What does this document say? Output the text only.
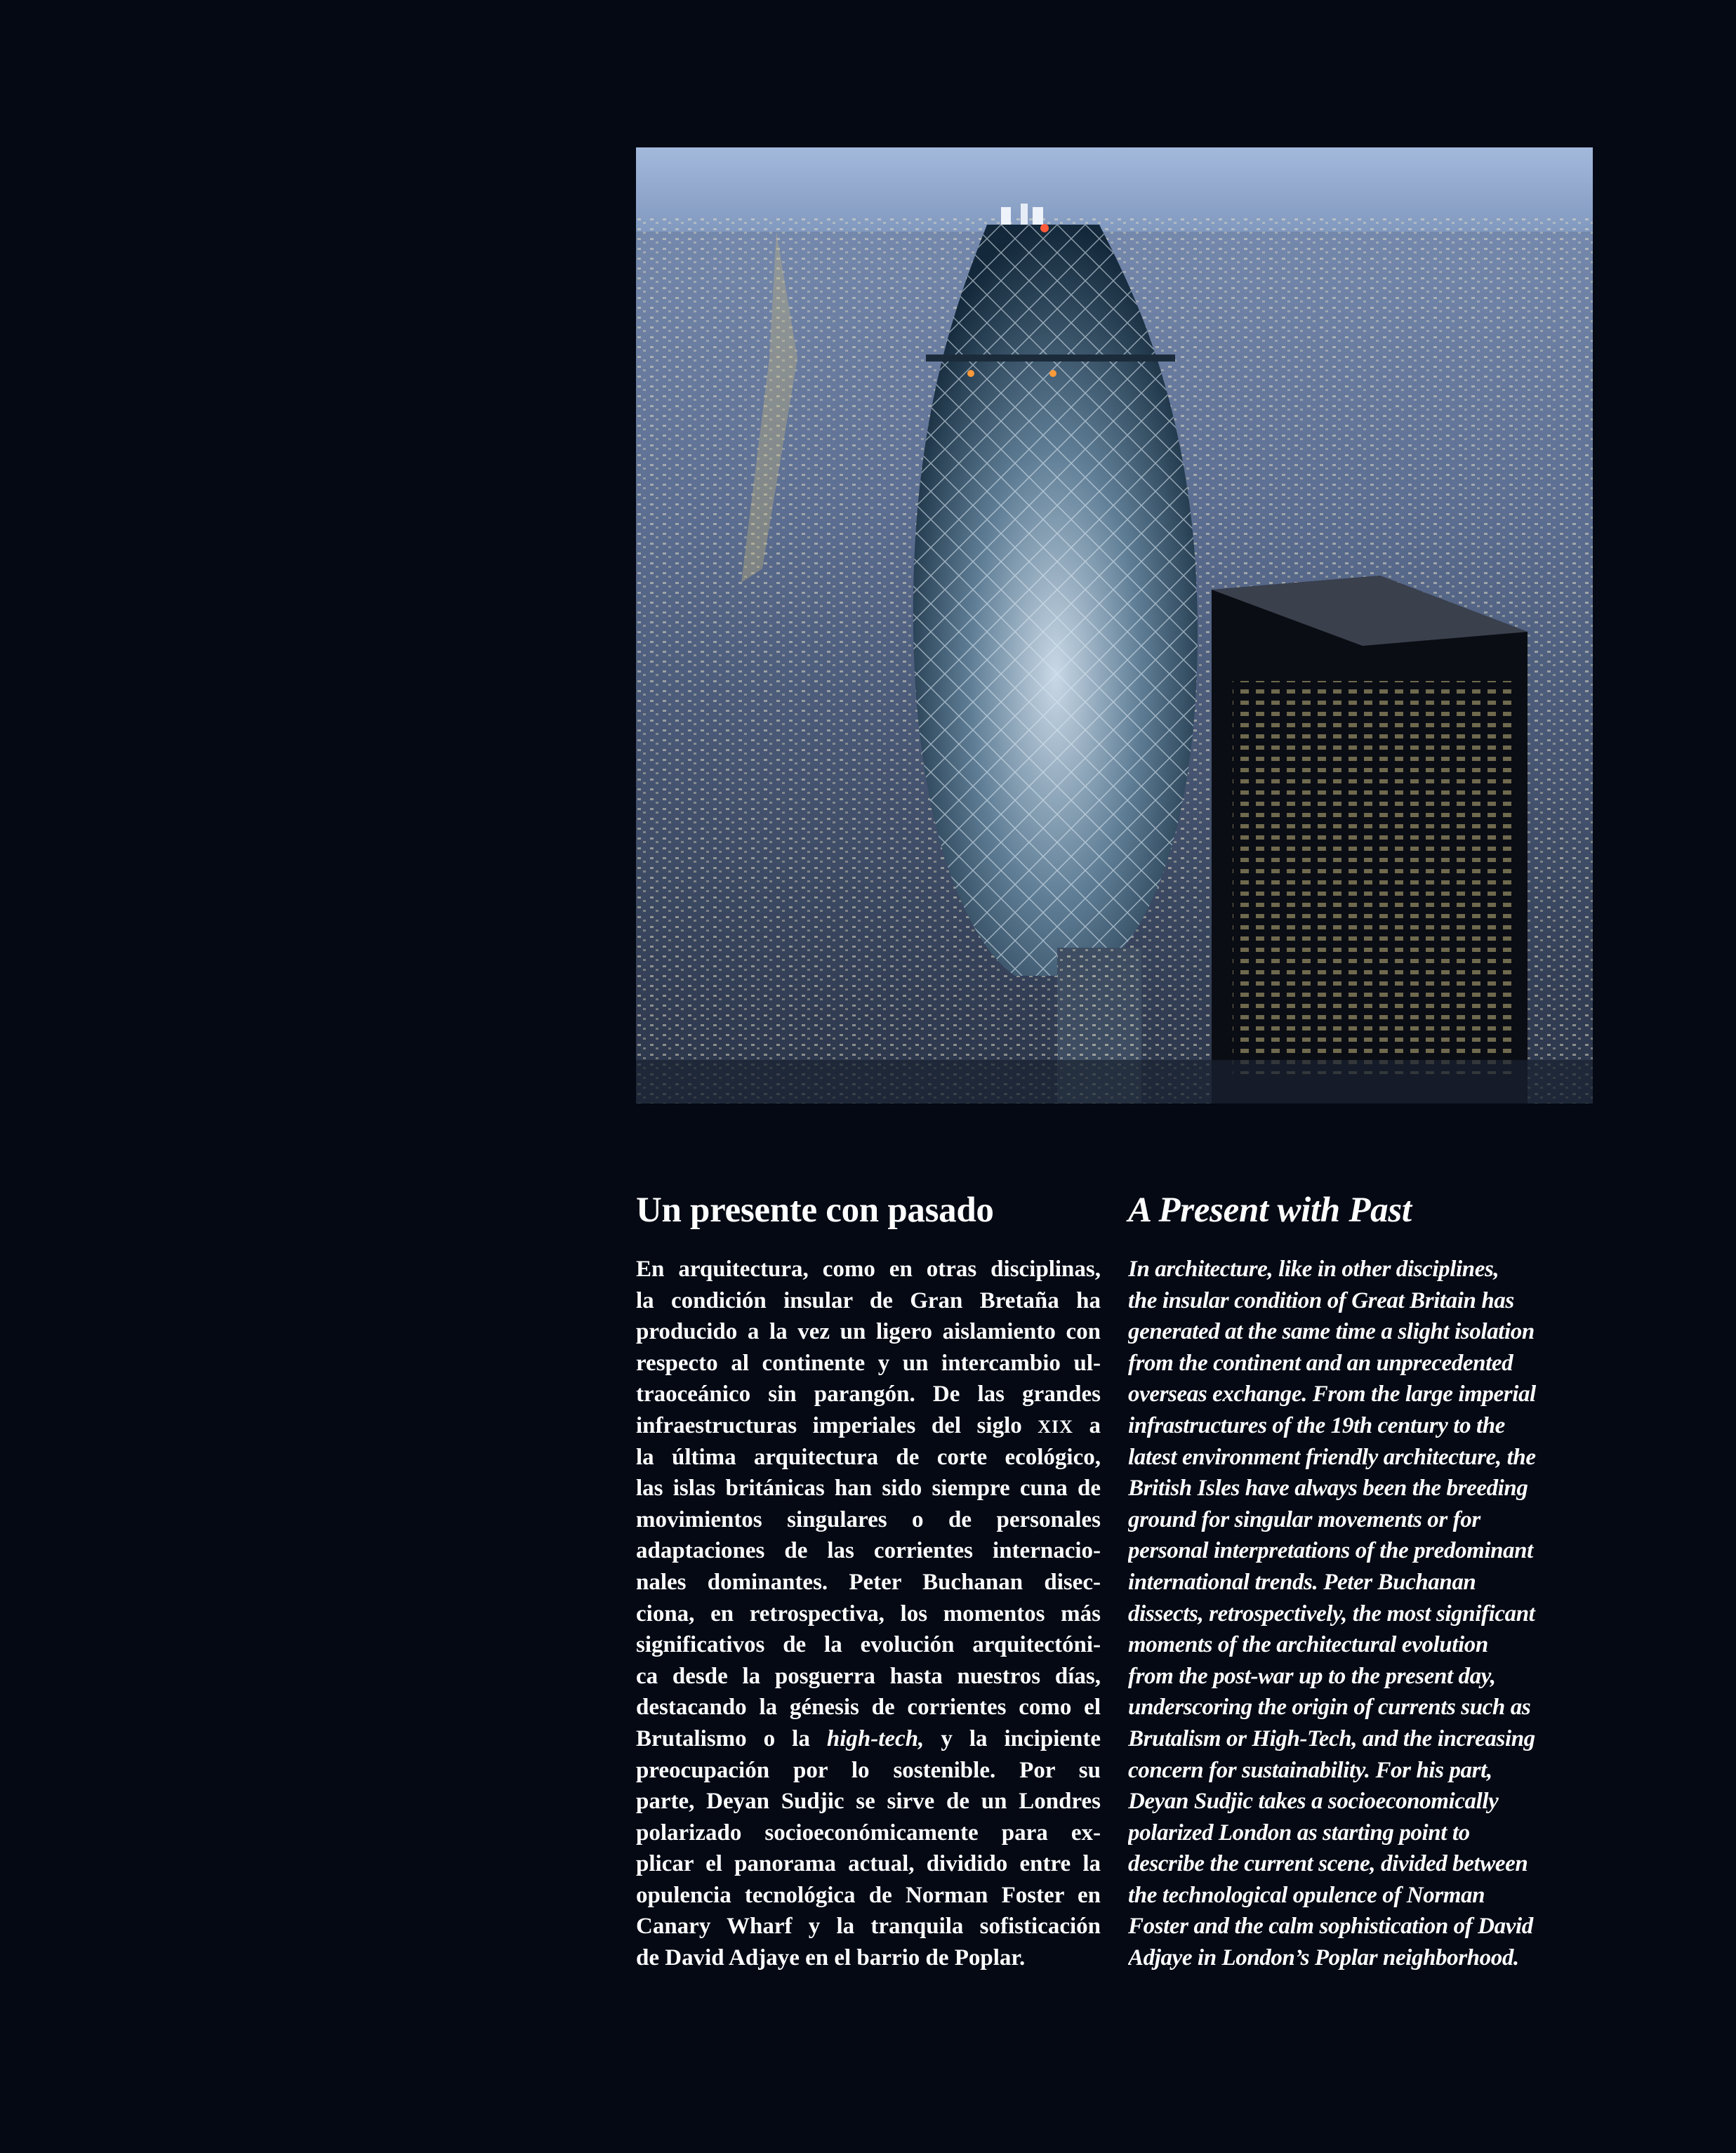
Un presente con pasado
En arquitectura, como en otras disciplinas,
la condición insular de Gran Bretaña ha
producido a la vez un ligero aislamiento con
respecto al continente y un intercambio ul-
traoceánico sin parangón. De las grandes
infraestructuras imperiales del siglo XIX a
la última arquitectura de corte ecológico,
las islas británicas han sido siempre cuna de
movimientos singulares o de personales
adaptaciones de las corrientes internacio-
nales dominantes. Peter Buchanan disec-
ciona, en retrospectiva, los momentos más
significativos de la evolución arquitectóni-
ca desde la posguerra hasta nuestros días,
destacando la génesis de corrientes como el
Brutalismo o la high-tech, y la incipiente
preocupación por lo sostenible. Por su
parte, Deyan Sudjic se sirve de un Londres
polarizado socioeconómicamente para ex-
plicar el panorama actual, dividido entre la
opulencia tecnológica de Norman Foster en
Canary Wharf y la tranquila sofisticación
de David Adjaye en el barrio de Poplar.
A Present with Past
In architecture, like in other disciplines,
the insular condition of Great Britain has
generated at the same time a slight isolation
from the continent and an unprecedented
overseas exchange. From the large imperial
infrastructures of the 19th century to the
latest environment friendly architecture, the
British Isles have always been the breeding
ground for singular movements or for
personal interpretations of the predominant
international trends. Peter Buchanan
dissects, retrospectively, the most significant
moments of the architectural evolution
from the post-war up to the present day,
underscoring the origin of currents such as
Brutalism or High-Tech, and the increasing
concern for sustainability. For his part,
Deyan Sudjic takes a socioeconomically
polarized London as starting point to
describe the current scene, divided between
the technological opulence of Norman
Foster and the calm sophistication of David
Adjaye in London’s Poplar neighborhood.
